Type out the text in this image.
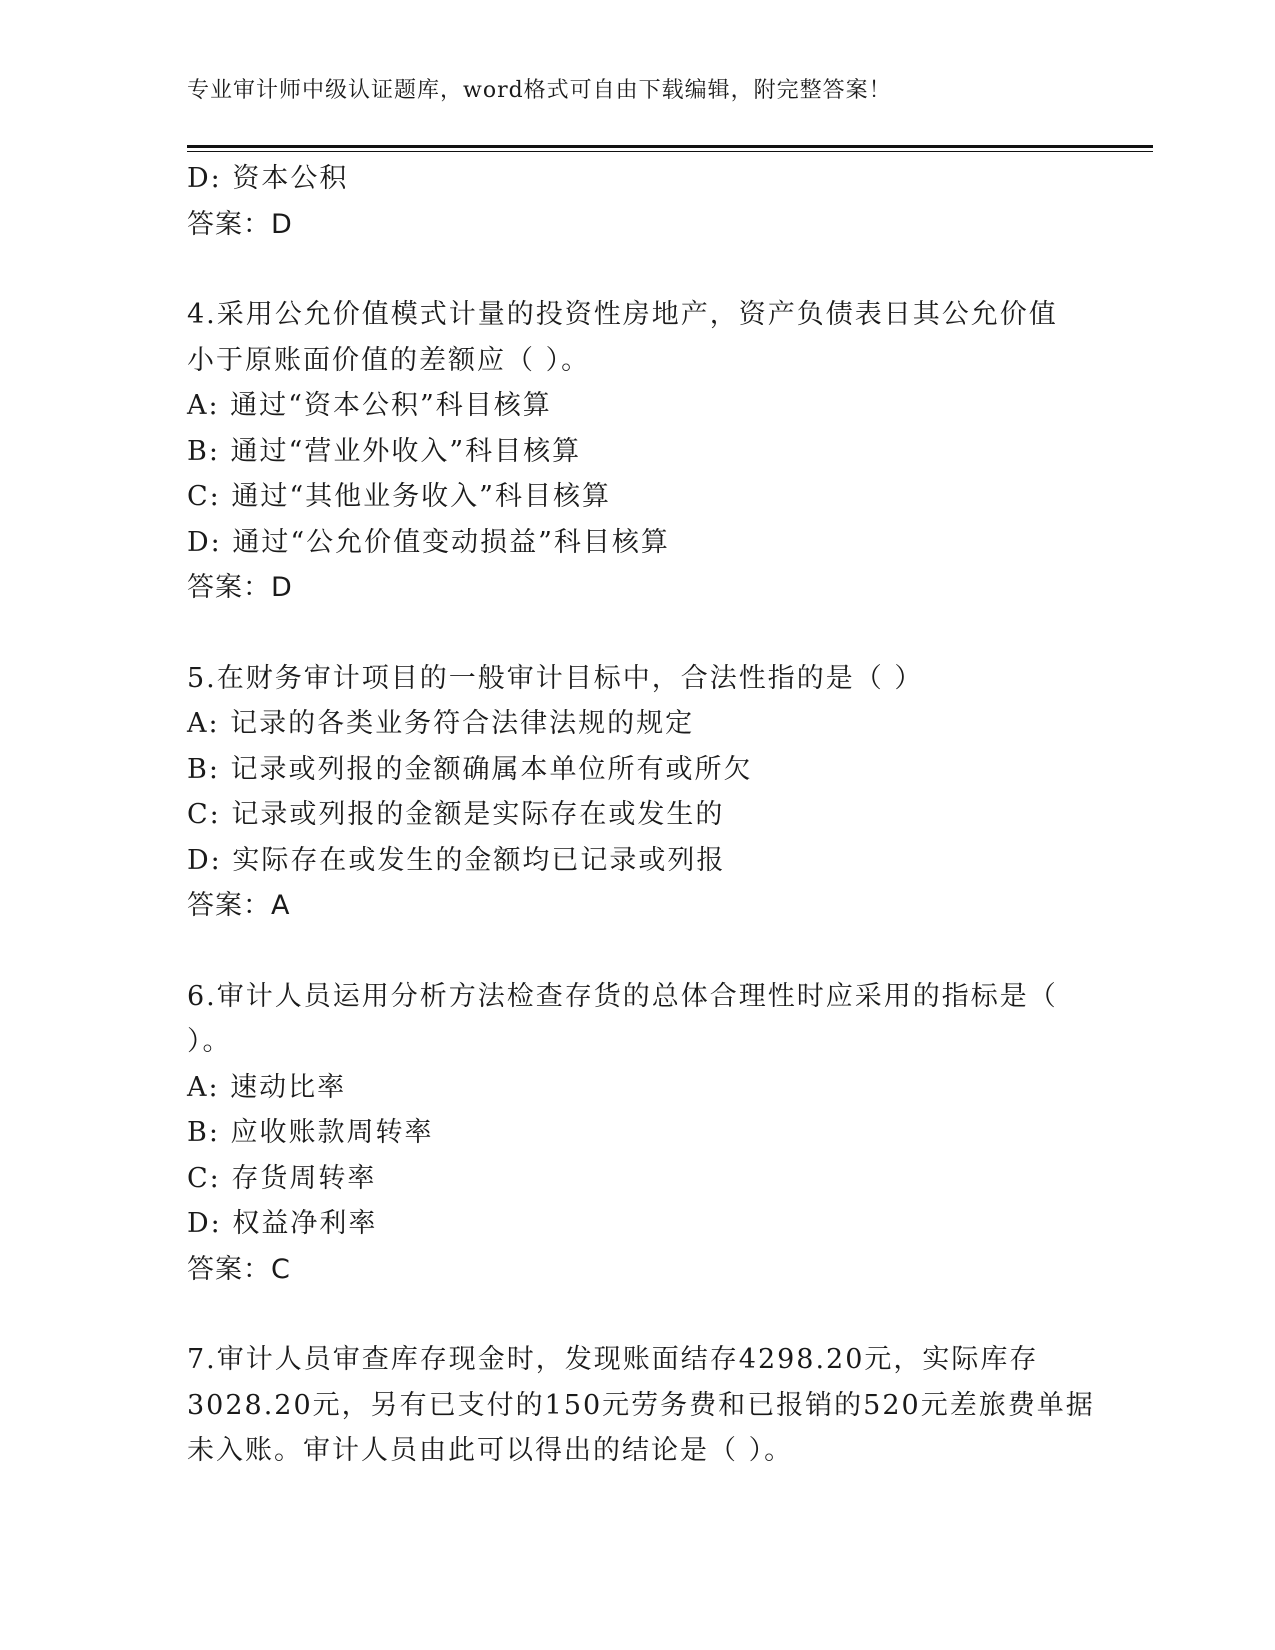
专业审计师中级认证题库，word格式可自由下载编辑，附完整答案！
D: 资本公积
答案：D
4.采用公允价值模式计量的投资性房地产，资产负债表日其公允价值
小于原账面价值的差额应（ ）。
A: 通过“资本公积”科目核算
B: 通过“营业外收入”科目核算
C: 通过“其他业务收入”科目核算
D: 通过“公允价值变动损益”科目核算
答案：D
5.在财务审计项目的一般审计目标中，合法性指的是（ ）
A: 记录的各类业务符合法律法规的规定
B: 记录或列报的金额确属本单位所有或所欠
C: 记录或列报的金额是实际存在或发生的
D: 实际存在或发生的金额均已记录或列报
答案：A
6.审计人员运用分析方法检查存货的总体合理性时应采用的指标是（
）。
A: 速动比率
B: 应收账款周转率
C: 存货周转率
D: 权益净利率
答案：C
7.审计人员审查库存现金时，发现账面结存4298.20元，实际库存
3028.20元，另有已支付的150元劳务费和已报销的520元差旅费单据
未入账。审计人员由此可以得出的结论是（ ）。
